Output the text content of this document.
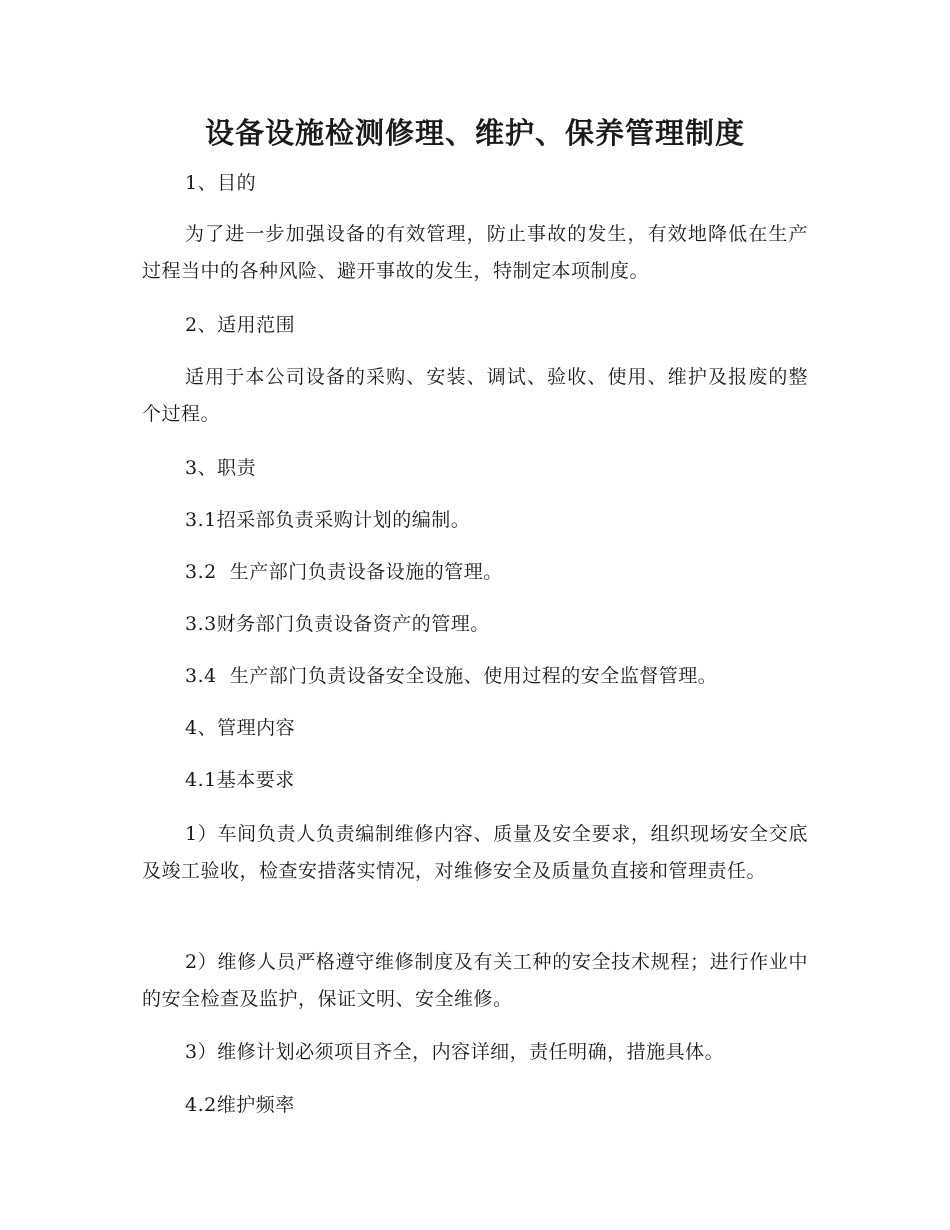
设备设施检测修理、维护、保养管理制度

1、目的

为了进一步加强设备的有效管理，防止事故的发生，有效地降低在生产过程当中的各种风险、避开事故的发生，特制定本项制度。

2、适用范围

适用于本公司设备的采购、安装、调试、验收、使用、维护及报废的整个过程。

3、职责

3.1招采部负责采购计划的编制。

3.2  生产部门负责设备设施的管理。

3.3财务部门负责设备资产的管理。

3.4  生产部门负责设备安全设施、使用过程的安全监督管理。

4、管理内容

4.1基本要求

1）车间负责人负责编制维修内容、质量及安全要求，组织现场安全交底及竣工验收，检查安措落实情况，对维修安全及质量负直接和管理责任。

2）维修人员严格遵守维修制度及有关工种的安全技术规程；进行作业中的安全检查及监护，保证文明、安全维修。

3）维修计划必须项目齐全，内容详细，责任明确，措施具体。

4.2维护频率
